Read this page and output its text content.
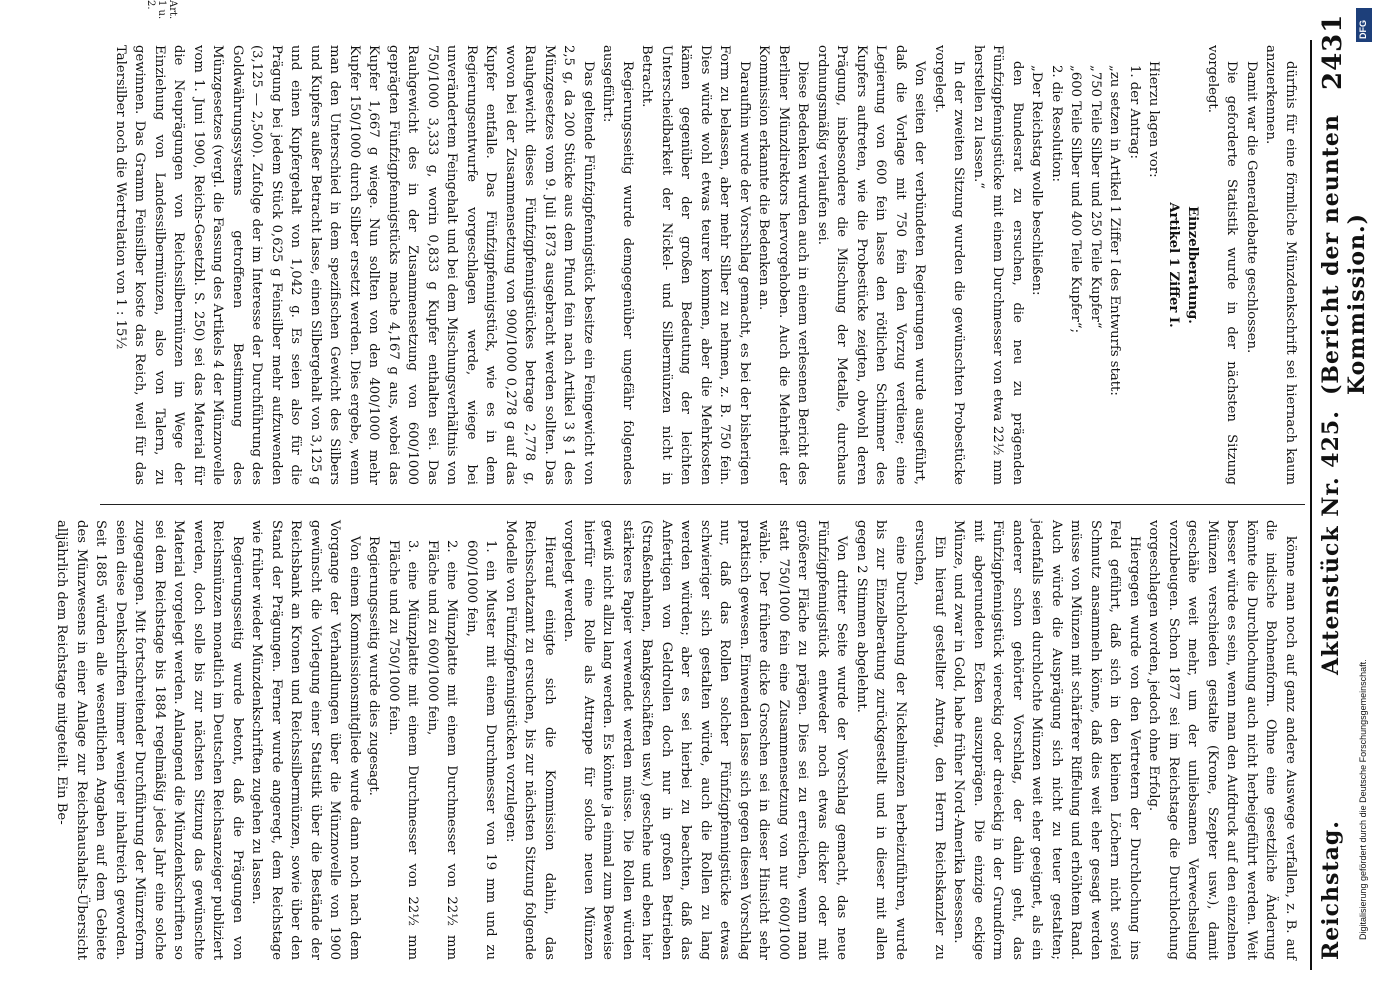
Reichstag.
Aktenstück Nr. 425.
(Bericht der neunten Kommission.)
2431
Art. 1 u. 2.

könne man noch auf ganz andere Auswege verfallen, z. B. auf die indische Bohnenform. Ohne eine gesetzliche Änderung könnte die Durchlochung auch nicht herbeigeführt werden. Weit besser würde es sein, wenn man den Aufdruck auf den einzelnen Münzen verschieden gestalte (Krone, Szepter usw.), damit geschähe weit mehr, um der unliebsamen Verwechselung vorzubeugen. Schon 1877 sei im Reichstage die Durchlochung vorgeschlagen worden, jedoch ohne Erfolg.

Hiergegen wurde von den Vertretern der Durchlochung ins Feld geführt, daß sich in den kleinen Löchern nicht soviel Schmutz ansammeln könne, daß dies weit eher gesagt werden müsse von Münzen mit schärferer Riffelung und erhöhtem Rand. Auch würde die Ausprägung sich nicht zu teuer gestalten; jedenfalls seien durchlochte Münzen weit eher geeignet, als ein anderer schon gehörter Vorschlag, der dahin geht, das Fünfzigpfennigstück viereckig oder dreieckig in der Grundform mit abgerundeten Ecken auszuprägen. Die einzige eckige Münze, und zwar in Gold, habe früher Nord-Amerika besessen.

Ein hierauf gestellter Antrag, den Herrn Reichskanzler zu ersuchen,

eine Durchlochung der Nickelmünzen herbeizuführen, wurde bis zur Einzelberatung zurückgestellt und in dieser mit allen gegen 2 Stimmen abgelehnt.

Von dritter Seite wurde der Vorschlag gemacht, das neue Fünfzigpfennigstück entweder noch etwas dicker oder mit größerer Fläche zu prägen. Dies sei zu erreichen, wenn man statt 750/1000 fein eine Zusammensetzung von nur 600/1000 wähle. Der frühere dicke Groschen sei in dieser Hinsicht sehr praktisch gewesen. Einwenden lasse sich gegen diesen Vorschlag nur, daß das Rollen solcher Fünfzigpfennigstücke etwas schwieriger sich gestalten würde, auch die Rollen zu lang werden würden; aber es sei hierbei zu beachten, daß das Anfertigen von Geldrollen doch nur in großen Betrieben (Straßenbahnen, Bankgeschäften usw.) geschehe und eben hier stärkeres Papier verwendet werden müsse. Die Rollen würden gewiß nicht allzu lang werden. Es könnte ja einmal zum Beweise hierfür eine Rolle als Attrappe für solche neuen Münzen vorgelegt werden.

Hierauf einigte sich die Kommission dahin, das Reichsschatzamt zu ersuchen, bis zur nächsten Sitzung folgende Modelle von Fünfzigpfennigstücken vorzulegen:

1. ein Muster mit einem Durchmesser von 19 mm und zu 600/1000 fein,

2. eine Münzplatte mit einem Durchmesser von 22½ mm Fläche und zu 600/1000 fein,

3. eine Münzplatte mit einem Durchmesser von 22½ mm Fläche und zu 750/1000 fein.

Regierungsseitig wurde dies zugesagt.

Von einem Kommissionsmitgliede wurde dann noch nach dem Vorgange der Verhandlungen über die Münznovelle von 1900 gewünscht die Vorlegung einer Statistik über die Bestände der Reichsbank an Kronen und Reichssilbermünzen, sowie über den Stand der Prägungen. Ferner wurde angeregt, dem Reichstage wie früher wieder Münzdenkschriften zugehen zu lassen.

Regierungsseitig wurde betont, daß die Prägungen von Reichsmünzen monatlich im Deutschen Reichsanzeiger publiziert werden, doch solle bis zur nächsten Sitzung das gewünschte Material vorgelegt werden. Anlangend die Münzdenkschriften so sei dem Reichstage bis 1884 regelmäßig jedes Jahr eine solche zugegangen. Mit fortschreitender Durchführung der Münzreform seien diese Denkschriften immer weniger inhaltreich geworden. Seit 1885 würden alle wesentlichen Angaben auf dem Gebiete des Münzwesens in einer Anlage zur Reichshaushalts-Übersicht alljährlich dem Reichstage mitgeteilt. Ein Be-

dürfnis für eine förmliche Münzdenkschrift sei hiernach kaum anzuerkennen.

Damit war die Generaldebatte geschlossen.

Die geforderte Statistik wurde in der nächsten Sitzung vorgelegt.

Einzelberatung.

Artikel 1 Ziffer I.

Hierzu lagen vor:

1. der Antrag:

„zu setzen in Artikel 1 Ziffer I des Entwurfs statt:

„750 Teile Silber und 250 Teile Kupfer“

„600 Teile Silber und 400 Teile Kupfer“;

2. die Resolution:

„Der Reichstag wolle beschließen:

den Bundesrat zu ersuchen, die neu zu prägenden Fünfzigpfennigstücke mit einem Durchmesser von etwa 22½ mm herstellen zu lassen.“

In der zweiten Sitzung wurden die gewünschten Probestücke vorgelegt.

Von seiten der verbündeten Regierungen wurde ausgeführt, daß die Vorlage mit 750 fein den Vorzug verdiene; eine Legierung von 600 fein lasse den rötlichen Schimmer des Kupfers auftreten, wie die Probestücke zeigten, obwohl deren Prägung, insbesondere die Mischung der Metalle, durchaus ordnungsmäßig verlaufen sei.

Diese Bedenken wurden auch in einem verlesenen Bericht des Berliner Münzdirektors hervorgehoben. Auch die Mehrheit der Kommission erkannte die Bedenken an.

Daraufhin wurde der Vorschlag gemacht, es bei der bisherigen Form zu belassen, aber mehr Silber zu nehmen, z. B. 750 fein. Dies würde wohl etwas teurer kommen, aber die Mehrkosten kämen gegenüber der großen Bedeutung der leichten Unterscheidbarkeit der Nickel- und Silbermünzen nicht in Betracht.

Regierungsseitig wurde demgegenüber ungefähr folgendes ausgeführt:

Das geltende Fünfzigpfennigstück besitze ein Feingewicht von 2,5 g, da 200 Stücke aus dem Pfund fein nach Artikel 3 § 1 des Münzgesetzes vom 9. Juli 1873 ausgebracht werden sollten. Das Rauhgewicht dieses Fünfzigpfennigstückes betrage 2,778 g, wovon bei der Zusammensetzung von 900/1000 0,278 g auf das Kupfer entfalle. Das Fünfzigpfennigstück, wie es in dem Regierungsentwurfe vorgeschlagen werde, wiege bei unverändertem Feingehalt und bei dem Mischungsverhältnis von 750/1000 3,333 g, worin 0,833 g Kupfer enthalten sei. Das Rauhgewicht des in der Zusammensetzung von 600/1000 geprägten Fünfzigpfennigstücks mache 4,167 g aus, wobei das Kupfer 1,667 g wiege. Nun sollten von den 400/1000 mehr Kupfer 150/1000 durch Silber ersetzt werden. Dies ergebe, wenn man den Unterschied in dem spezifischen Gewicht des Silbers und Kupfers außer Betracht lasse, einen Silbergehalt von 3,125 g und einen Kupfergehalt von 1,042 g. Es seien also für die Prägung bei jedem Stück 0,625 g Feinsilber mehr aufzuwenden (3,125 — 2,500). Zufolge der im Interesse der Durchführung des Goldwährungssystems getroffenen Bestimmung des Münzgesetzes (vergl. die Fassung des Artikels 4 der Münznovelle vom 1. Juni 1900, Reichs-Gesetzbl. S. 250) sei das Material für die Neuprägungen von Reichssilbermünzen im Wege der Einziehung von Landessilbermünzen, also von Talern, zu gewinnen. Das Gramm Feinsilber koste das Reich, weil für das Talersilber noch die Wertrelation von 1 : 15½

Digitalisierung gefördert durch die Deutsche Forschungsgemeinschaft.
DFG
